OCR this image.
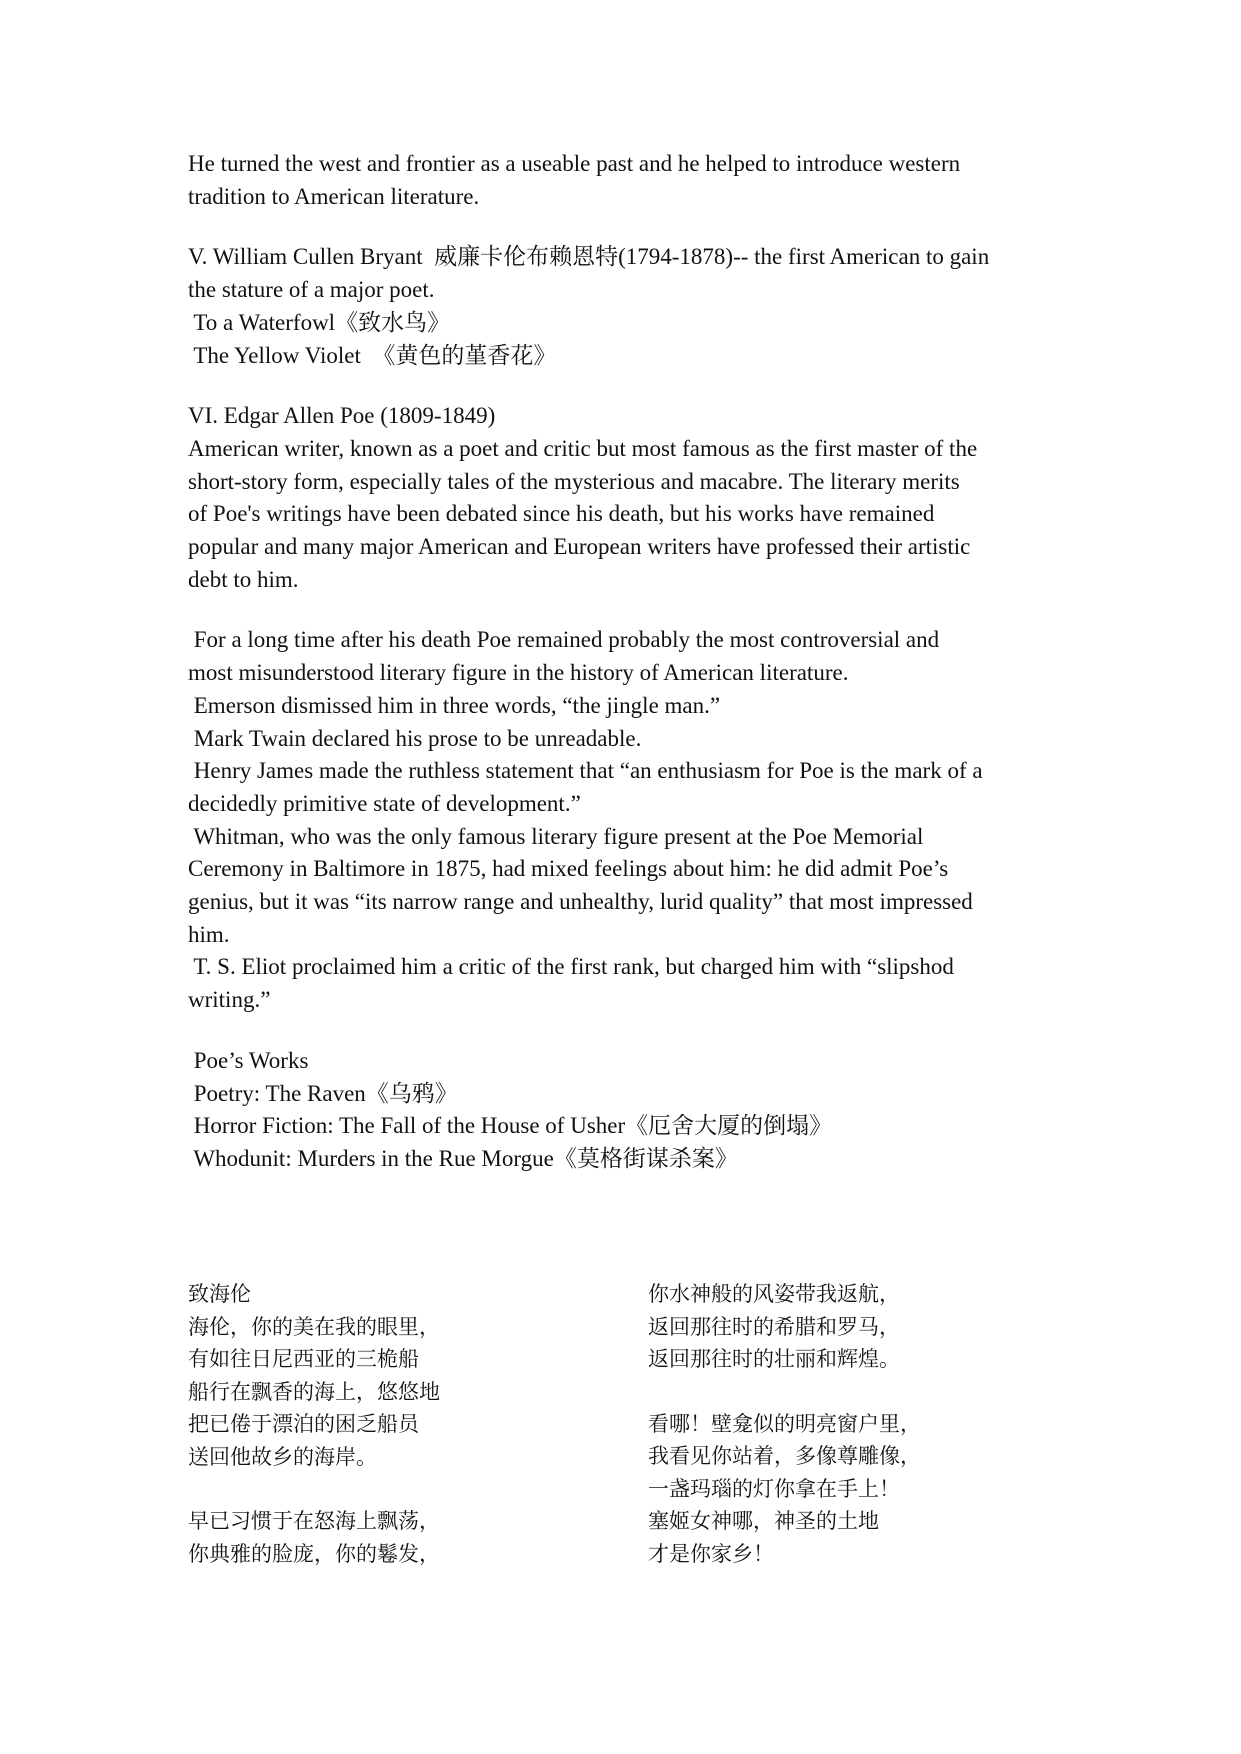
He turned the west and frontier as a useable past and he helped to introduce western
tradition to American literature.
V. William Cullen Bryant  威廉卡伦布赖恩特(1794-1878)-- the first American to gain
the stature of a major poet.
To a Waterfowl《致水鸟》
The Yellow Violet  《黄色的堇香花》
VI. Edgar Allen Poe (1809-1849)
American writer, known as a poet and critic but most famous as the first master of the
short-story form, especially tales of the mysterious and macabre. The literary merits
of Poe's writings have been debated since his death, but his works have remained
popular and many major American and European writers have professed their artistic
debt to him.
For a long time after his death Poe remained probably the most controversial and
most misunderstood literary figure in the history of American literature.
Emerson dismissed him in three words, “the jingle man.”
Mark Twain declared his prose to be unreadable.
Henry James made the ruthless statement that “an enthusiasm for Poe is the mark of a
decidedly primitive state of development.”
Whitman, who was the only famous literary figure present at the Poe Memorial
Ceremony in Baltimore in 1875, had mixed feelings about him: he did admit Poe’s
genius, but it was “its narrow range and unhealthy, lurid quality” that most impressed
him.
T. S. Eliot proclaimed him a critic of the first rank, but charged him with “slipshod
writing.”
Poe’s Works
Poetry: The Raven《乌鸦》
Horror Fiction: The Fall of the House of Usher《厄舍大厦的倒塌》
Whodunit: Murders in the Rue Morgue《莫格街谋杀案》
致海伦
海伦，你的美在我的眼里，
有如往日尼西亚的三桅船
船行在飘香的海上，悠悠地
把已倦于漂泊的困乏船员
送回他故乡的海岸。
早已习惯于在怒海上飘荡，
你典雅的脸庞，你的鬈发，
你水神般的风姿带我返航，
返回那往时的希腊和罗马，
返回那往时的壮丽和辉煌。
看哪！壁龛似的明亮窗户里，
我看见你站着，多像尊雕像，
一盏玛瑙的灯你拿在手上！
塞姬女神哪，神圣的土地
才是你家乡！
